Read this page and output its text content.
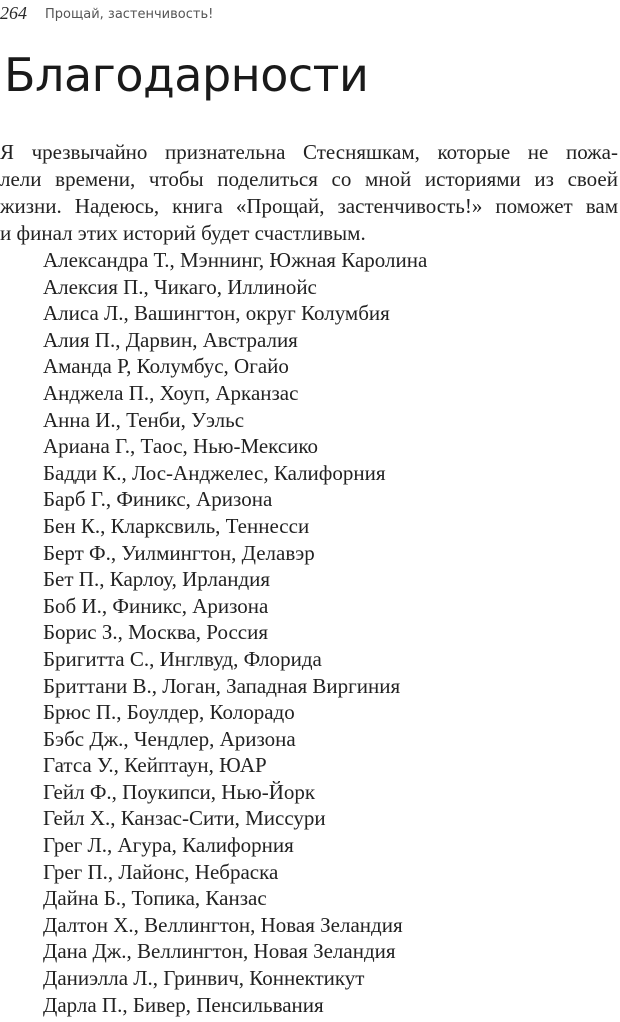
264 Прощай, застенчивость!
Благодарности
Я чрезвычайно признательна Стесняшкам, которые не пожа-
лели времени, чтобы поделиться со мной историями из своей
жизни. Надеюсь, книга «Прощай, застенчивость!» поможет вам
и финал этих историй будет счастливым.
Александра Т., Мэннинг, Южная Каролина
Алексия П., Чикаго, Иллинойс
Алиса Л., Вашингтон, округ Колумбия
Алия П., Дарвин, Австралия
Аманда Р, Колумбус, Огайо
Анджела П., Хоуп, Арканзас
Анна И., Тенби, Уэльс
Ариана Г., Таос, Нью-Мексико
Бадди К., Лос-Анджелес, Калифорния
Барб Г., Финикс, Аризона
Бен К., Кларксвиль, Теннесси
Берт Ф., Уилмингтон, Делавэр
Бет П., Карлоу, Ирландия
Боб И., Финикс, Аризона
Борис З., Москва, Россия
Бригитта С., Инглвуд, Флорида
Бриттани В., Логан, Западная Виргиния
Брюс П., Боулдер, Колорадо
Бэбс Дж., Чендлер, Аризона
Гатса У., Кейптаун, ЮАР
Гейл Ф., Поукипси, Нью-Йорк
Гейл Х., Канзас-Сити, Миссури
Грег Л., Агура, Калифорния
Грег П., Лайонс, Небраска
Дайна Б., Топика, Канзас
Далтон Х., Веллингтон, Новая Зеландия
Дана Дж., Веллингтон, Новая Зеландия
Даниэлла Л., Гринвич, Коннектикут
Дарла П., Бивер, Пенсильвания
